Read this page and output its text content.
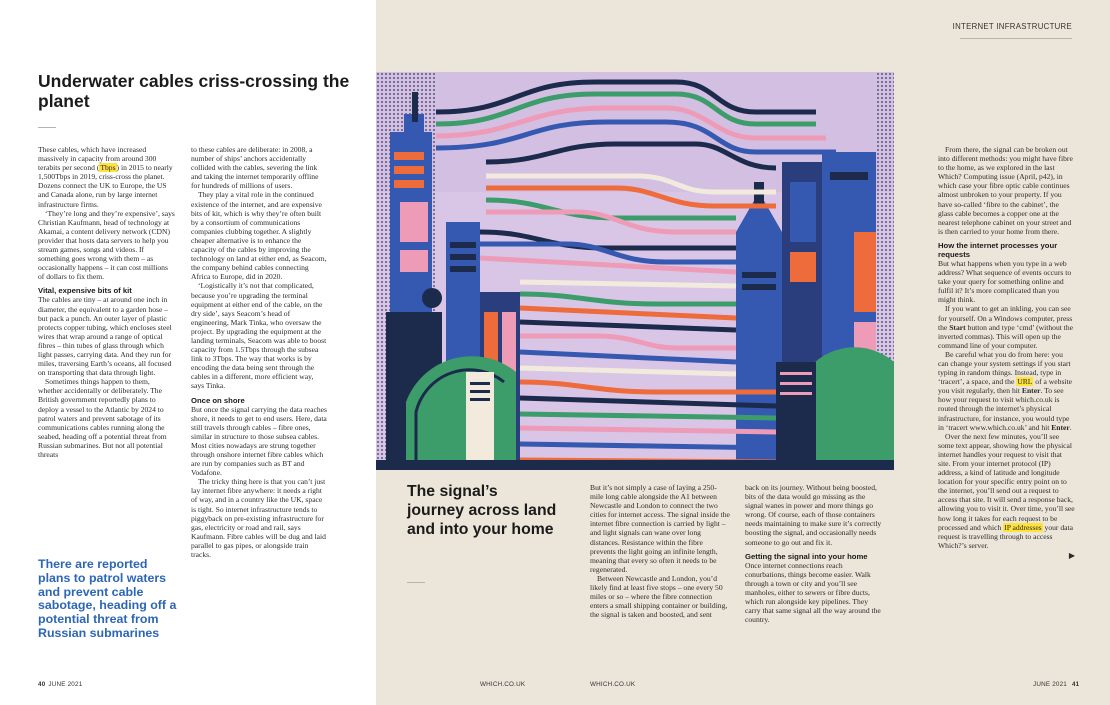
Underwater cables criss-crossing the planet

These cables, which have increased massively in capacity from around 300 terabits per second (Tbps) in 2015 to nearly 1,500Tbps in 2019, criss-cross the planet. Dozens connect the UK to Europe, the US and Canada alone, run by large internet infrastructure firms.

‘They’re long and they’re expensive’, says Christian Kaufmann, head of technology at Akamai, a content delivery network (CDN) provider that hosts data servers to help you stream games, songs and videos. If something goes wrong with them – as occasionally happens – it can cost millions of dollars to fix them.

Vital, expensive bits of kit

The cables are tiny – at around one inch in diameter, the equivalent to a garden hose – but pack a punch. An outer layer of plastic protects copper tubing, which encloses steel wires that wrap around a range of optical fibres – thin tubes of glass through which light passes, carrying data. And they run for miles, traversing Earth’s oceans, all focused on transporting that data through light.

Sometimes things happen to them, whether accidentally or deliberately. The British government reportedly plans to deploy a vessel to the Atlantic by 2024 to patrol waters and prevent sabotage of its communications cables running along the seabed, heading off a potential threat from Russian submarines. But not all potential threats

to these cables are deliberate: in 2008, a number of ships’ anchors accidentally collided with the cables, severing the link and taking the internet temporarily offline for hundreds of millions of users.

They play a vital role in the continued existence of the internet, and are expensive bits of kit, which is why they’re often built by a consortium of communications companies clubbing together. A slightly cheaper alternative is to enhance the capacity of the cables by improving the technology on land at either end, as Seacom, the company behind cables connecting Africa to Europe, did in 2020.

‘Logistically it’s not that complicated, because you’re upgrading the terminal equipment at either end of the cable, on the dry side’, says Seacom’s head of engineering, Mark Tinka, who oversaw the project. By upgrading the equipment at the landing terminals, Seacom was able to boost capacity from 1.5Tbps through the subsea link to 3Tbps. The way that works is by encoding the data being sent through the cables in a different, more efficient way, says Tinka.

Once on shore

But once the signal carrying the data reaches shore, it needs to get to end users. Here, data still travels through cables – fibre ones, similar in structure to those subsea cables. Most cities nowadays are strung together through onshore internet fibre cables which are run by companies such as BT and Vodafone.

The tricky thing here is that you can’t just lay internet fibre anywhere: it needs a right of way, and in a country like the UK, space is tight. So internet infrastructure tends to piggyback on pre-existing infrastructure for gas, electricity or road and rail, says Kaufmann. Fibre cables will be dug and laid parallel to gas pipes, or alongside train tracks.

There are reported plans to patrol waters and prevent cable sabotage, heading off a potential threat from Russian submarines
40 JUNE 2021	WHICH.CO.UK	WHICH.CO.UK
INTERNET INFRASTRUCTURE
The signal’s journey across land and into your home

But it’s not simply a case of laying a 250-mile long cable alongside the A1 between Newcastle and London to connect the two cities for internet access. The signal inside the internet fibre connection is carried by light – and light signals can wane over long distances. Resistance within the fibre prevents the light going an infinite length, meaning that every so often it needs to be regenerated.

Between Newcastle and London, you’d likely find at least five stops – one every 50 miles or so – where the fibre connection enters a small shipping container or building, the signal is taken and boosted, and sent

back on its journey. Without being boosted, bits of the data would go missing as the signal wanes in power and more things go wrong. Of course, each of those containers needs maintaining to make sure it’s correctly boosting the signal, and occasionally needs someone to go out and fix it.

Getting the signal into your home

Once internet connections reach conurbations, things become easier. Walk through a town or city and you’ll see manholes, either to sewers or fibre ducts, which run alongside key pipelines. They carry that same signal all the way around the country.

From there, the signal can be broken out into different methods: you might have fibre to the home, as we explored in the last Which? Computing issue (April, p42), in which case your fibre optic cable continues almost unbroken to your property. If you have so-called ‘fibre to the cabinet’, the glass cable becomes a copper one at the nearest telephone cabinet on your street and is then carried to your home from there.

How the internet processes your requests

But what happens when you type in a web address? What sequence of events occurs to take your query for something online and fulfil it? It’s more complicated than you might think.

If you want to get an inkling, you can see for yourself. On a Windows computer, press the Start button and type ‘cmd’ (without the inverted commas). This will open up the command line of your computer.

Be careful what you do from here: you can change your system settings if you start typing in random things. Instead, type in ‘tracert’, a space, and the URL of a website you visit regularly, then hit Enter. To see how your request to visit which.co.uk is routed through the internet’s physical infrastructure, for instance, you would type in ‘tracert www.which.co.uk’ and hit Enter.

Over the next few minutes, you’ll see some text appear, showing how the physical internet handles your request to visit that site. From your internet protocol (IP) address, a kind of latitude and longitude location for your specific entry point on to the internet, you’ll send out a request to access that site. It will send a response back, allowing you to visit it. Over time, you’ll see how long it takes for each request to be processed and which IP addresses your data request is travelling through to access Which?’s server.

▶
JUNE 2021 41
